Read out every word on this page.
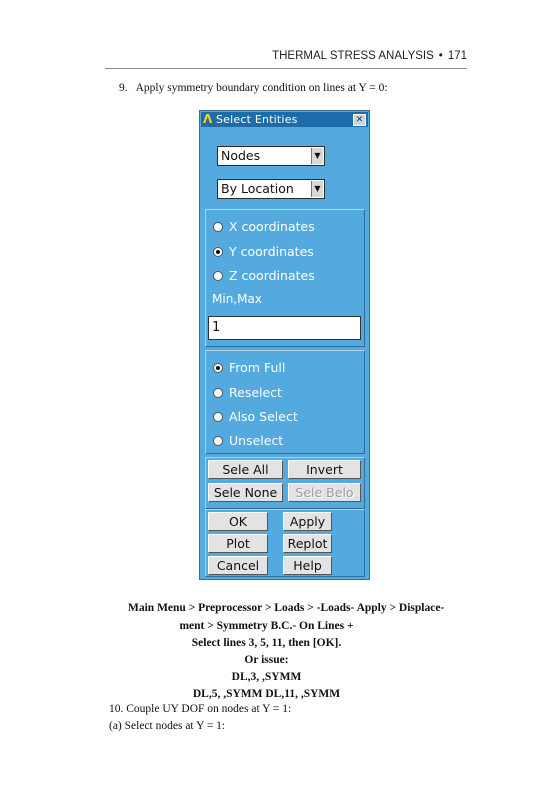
THERMAL STRESS ANALYSIS • 171
9. Apply symmetry boundary condition on lines at Y = 0:
Λ Select Entities	✕
Nodes	▼
By Location	▼
X coordinates
Y coordinates
Z coordinates
Min,Max
1
From Full
Reselect
Also Select
Unselect
Sele All	Invert
Sele None	Sele Belo
OK	Apply
Plot	Replot
Cancel	Help
Main Menu > Preprocessor > Loads > -Loads- Apply > Displace-
ment > Symmetry B.C.- On Lines +
Select lines 3, 5, 11, then [OK].
Or issue:
DL,3, ,SYMM
DL,5, ,SYMM DL,11, ,SYMM
10. Couple UY DOF on nodes at Y = 1:
(a) Select nodes at Y = 1:
